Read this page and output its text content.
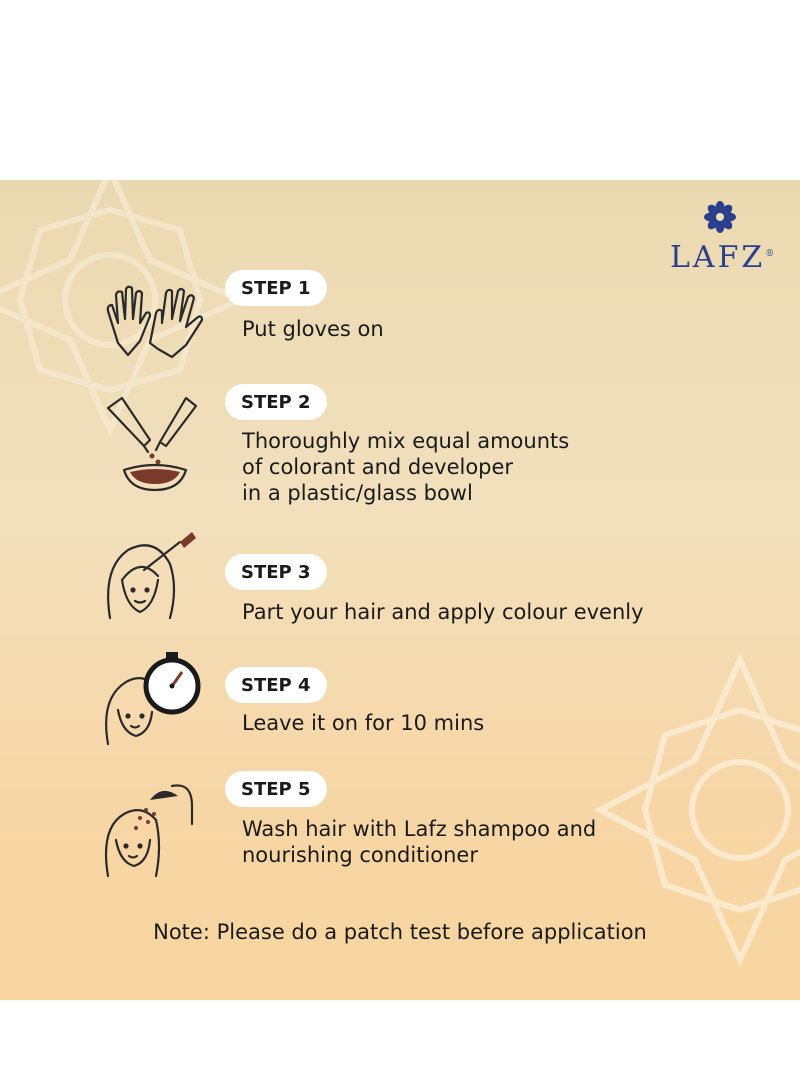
LAFZ®
STEP 1
Put gloves on
STEP 2
Thoroughly mix equal amounts
of colorant and developer
in a plastic/glass bowl
STEP 3
Part your hair and apply colour evenly
STEP 4
Leave it on for 10 mins
STEP 5
Wash hair with Lafz shampoo and
nourishing conditioner
Note: Please do a patch test before application
